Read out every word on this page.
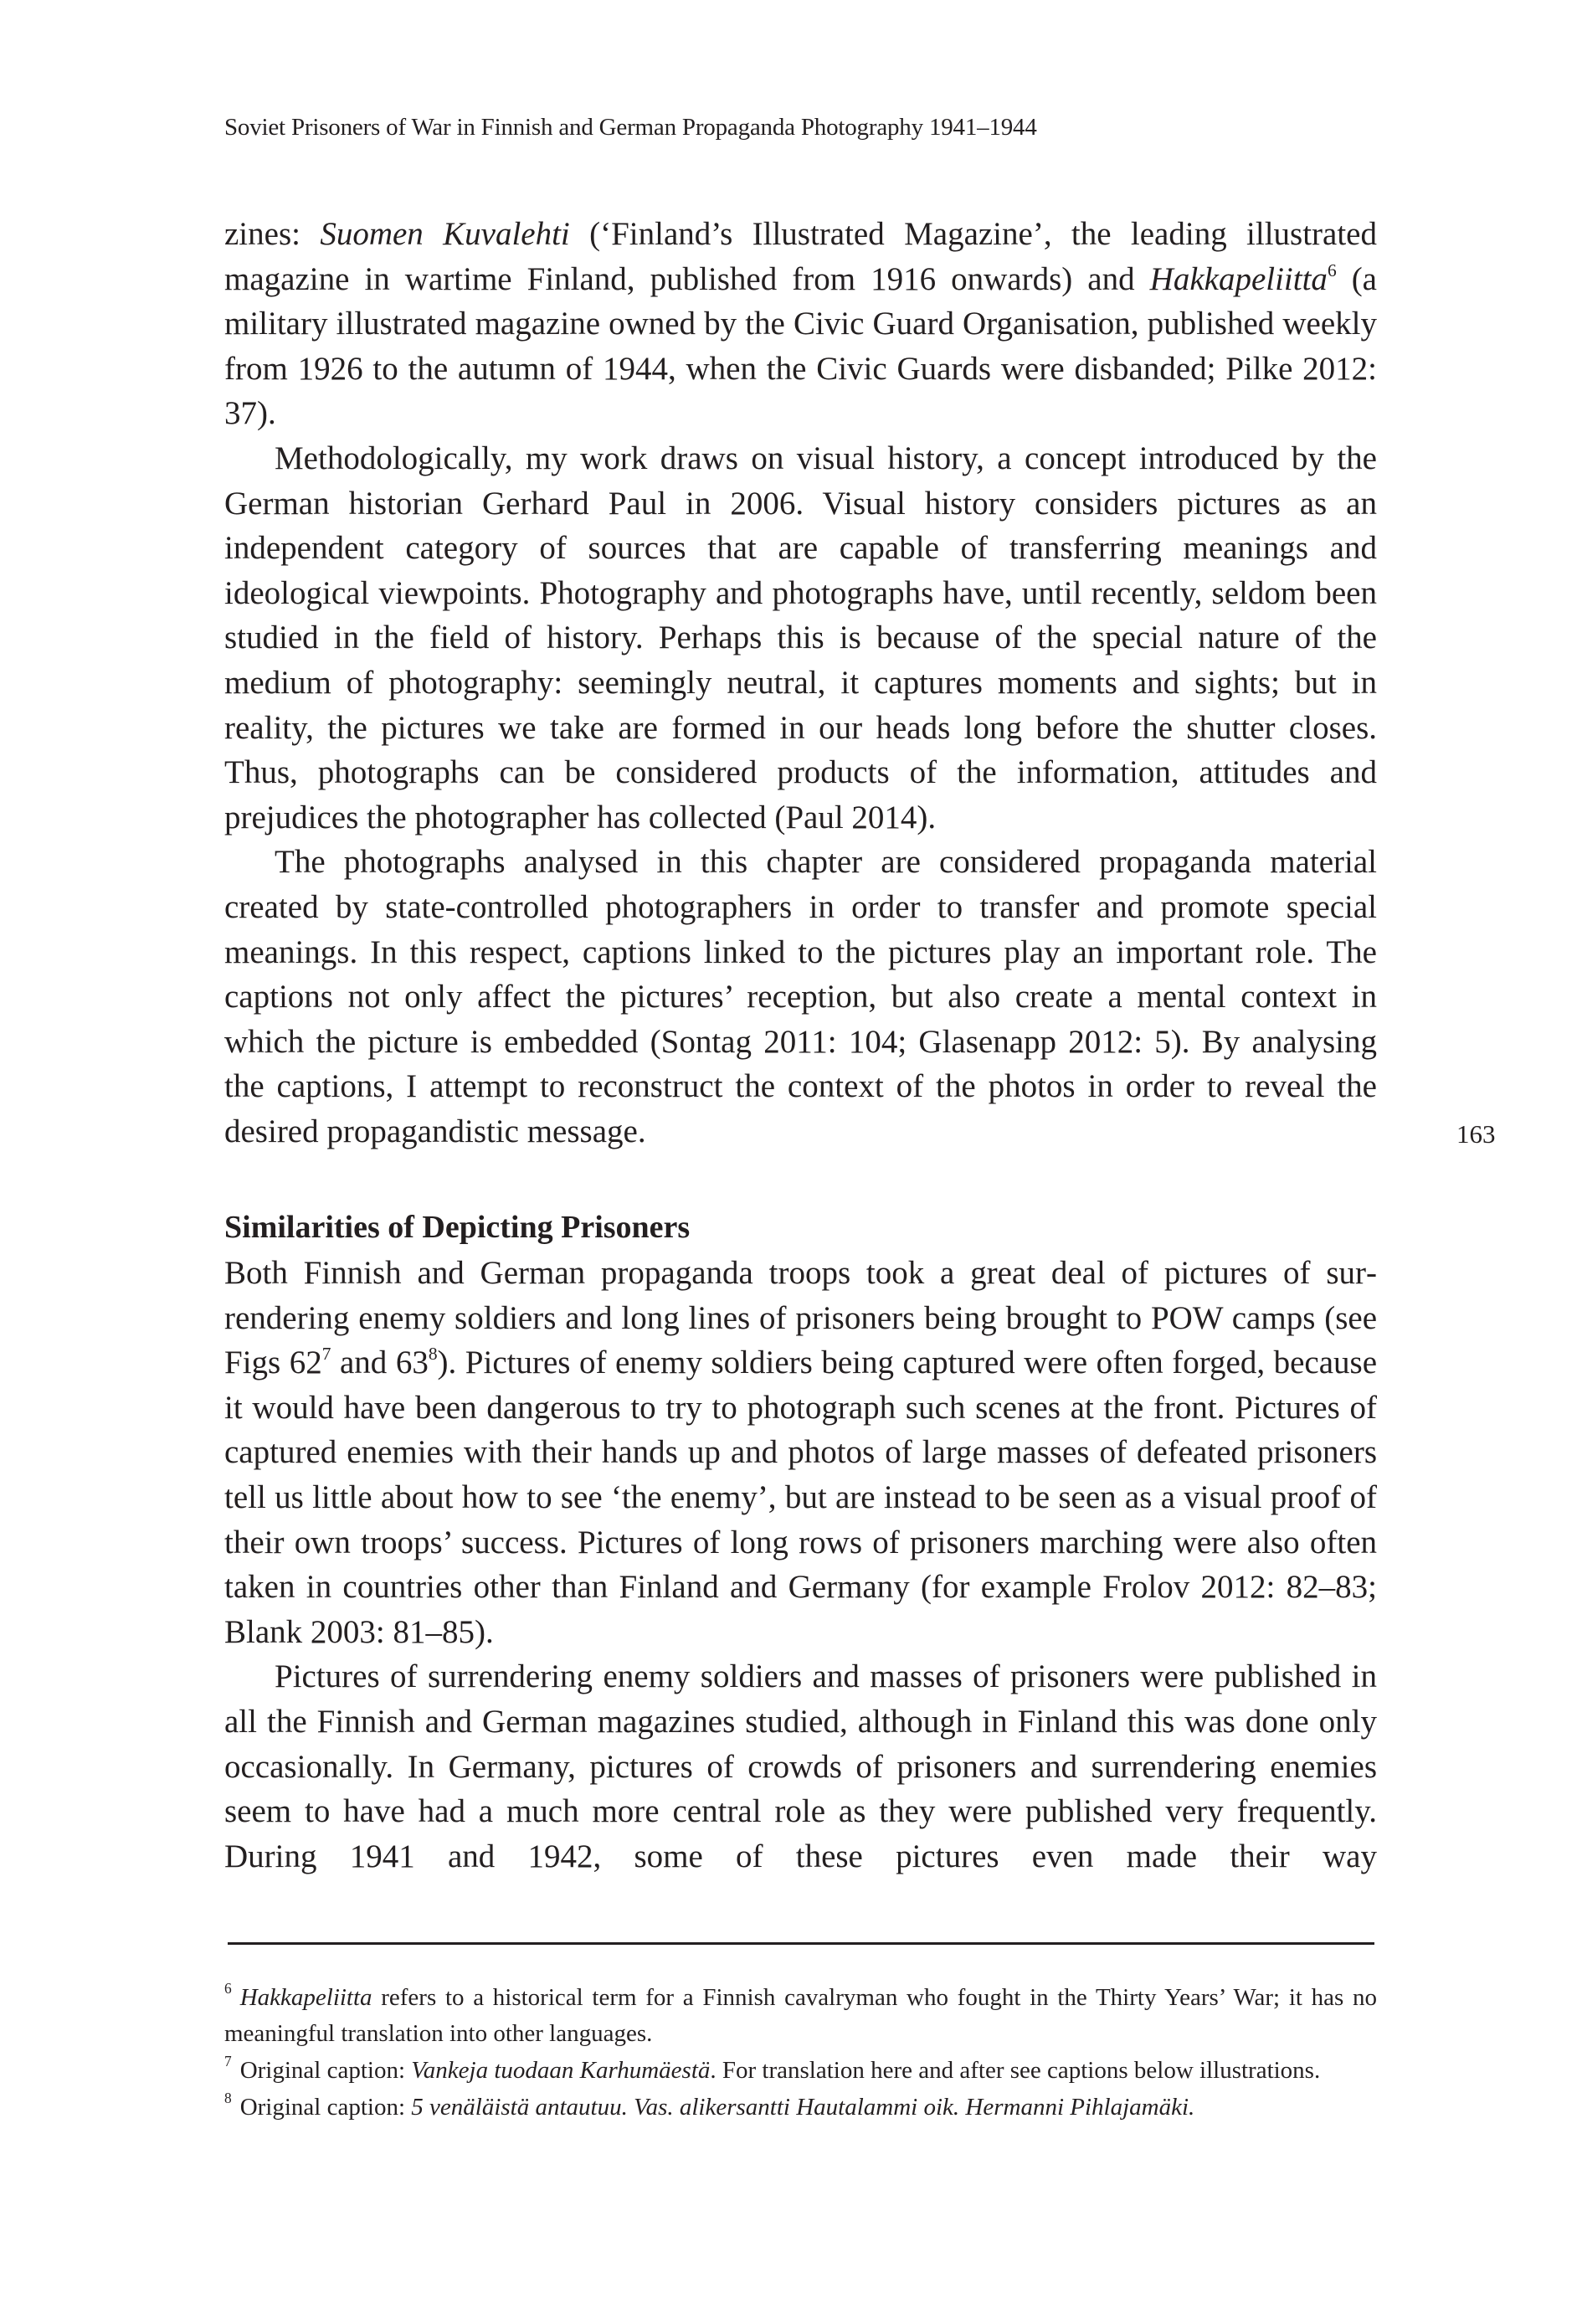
Soviet Prisoners of War in Finnish and German Propaganda Photography 1941–1944

zines: Suomen Kuvalehti (‘Finland’s Illustrated Magazine’, the leading illustrated magazine in wartime Finland, published from 1916 onwards) and Hakkapeliitta$^6$ (a military illustrated magazine owned by the Civic Guard Organisation, published weekly from 1926 to the autumn of 1944, when the Civic Guards were disbanded; Pilke 2012: 37).

Methodologically, my work draws on visual history, a concept introduced by the German historian Gerhard Paul in 2006. Visual history considers pictures as an independent category of sources that are capable of transferring meanings and ideological viewpoints. Photography and photographs have, until recently, seldom been studied in the field of history. Perhaps this is because of the special nature of the medium of photography: seemingly neutral, it captures moments and sights; but in reality, the pictures we take are formed in our heads long before the shutter closes. Thus, photographs can be considered products of the information, attitudes and prejudices the photographer has collected (Paul 2014).

The photographs analysed in this chapter are considered propaganda material created by state-controlled photographers in order to transfer and promote special meanings. In this respect, captions linked to the pictures play an important role. The captions not only affect the pictures’ reception, but also create a mental context in which the picture is embedded (Sontag 2011: 104; Glasenapp 2012: 5). By analysing the captions, I attempt to reconstruct the context of the photos in order to reveal the desired propagandistic message.

Similarities of Depicting Prisoners

Both Finnish and German propaganda troops took a great deal of pictures of surrendering enemy soldiers and long lines of prisoners being brought to POW camps (see Figs $62^7$ and $63^8$). Pictures of enemy soldiers being captured were often forged, because it would have been dangerous to try to photograph such scenes at the front. Pictures of captured enemies with their hands up and photos of large masses of defeated prisoners tell us little about how to see ‘the enemy’, but are instead to be seen as a visual proof of their own troops’ success. Pictures of long rows of prisoners marching were also often taken in countries other than Finland and Germany (for example Frolov 2012: 82–83; Blank 2003: 81–85).

Pictures of surrendering enemy soldiers and masses of prisoners were published in all the Finnish and German magazines studied, although in Finland this was done only occasionally. In Germany, pictures of crowds of prisoners and surrendering enemies seem to have had a much more central role as they were published very frequently. During 1941 and 1942, some of these pictures even made their way

163

$^6$ Hakkapeliitta refers to a historical term for a Finnish cavalryman who fought in the Thirty Years’ War; it has no meaningful translation into other languages.

$^7$ Original caption: Vankeja tuodaan Karhumäestä. For translation here and after see captions below illustrations.

$^8$ Original caption: 5 venäläistä antautuu. Vas. alikersantti Hautalammi oik. Hermanni Pihlajamäki.
